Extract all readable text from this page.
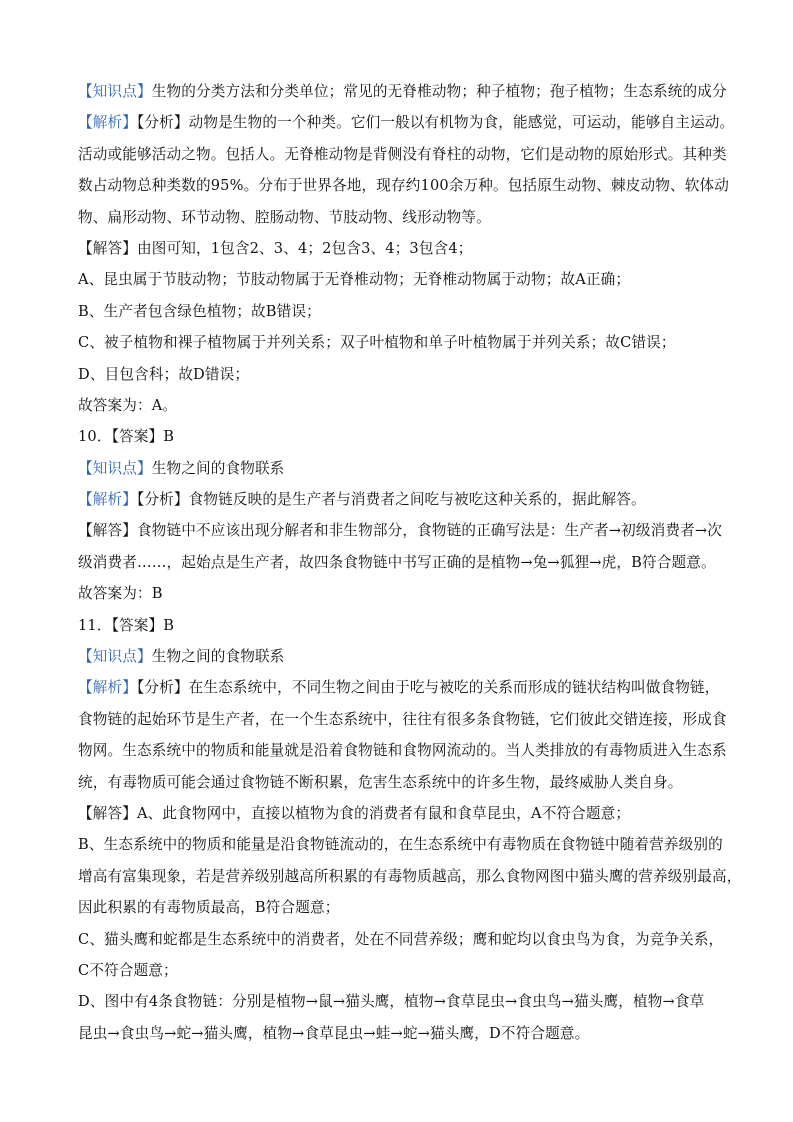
【知识点】生物的分类方法和分类单位；常见的无脊椎动物；种子植物；孢子植物；生态系统的成分
【解析】【分析】动物是生物的一个种类。它们一般以有机物为食，能感觉，可运动，能够自主运动。
活动或能够活动之物。包括人。无脊椎动物是背侧没有脊柱的动物，它们是动物的原始形式。其种类
数占动物总种类数的95%。分布于世界各地，现存约100余万种。包括原生动物、棘皮动物、软体动
物、扁形动物、环节动物、腔肠动物、节肢动物、线形动物等。
【解答】由图可知，1包含2、3、4；2包含3、4；3包含4；
A、昆虫属于节肢动物；节肢动物属于无脊椎动物；无脊椎动物属于动物；故A正确；
B、生产者包含绿色植物；故B错误；
C、被子植物和裸子植物属于并列关系；双子叶植物和单子叶植物属于并列关系；故C错误；
D、目包含科；故D错误；
故答案为：A。
10．【答案】B
【知识点】生物之间的食物联系
【解析】【分析】食物链反映的是生产者与消费者之间吃与被吃这种关系的，据此解答。
【解答】食物链中不应该出现分解者和非生物部分，食物链的正确写法是：生产者→初级消费者→次
级消费者……，起始点是生产者，故四条食物链中书写正确的是植物→兔→狐狸→虎，B符合题意。
故答案为：B
11．【答案】B
【知识点】生物之间的食物联系
【解析】【分析】在生态系统中，不同生物之间由于吃与被吃的关系而形成的链状结构叫做食物链，
食物链的起始环节是生产者，在一个生态系统中，往往有很多条食物链，它们彼此交错连接，形成食
物网。生态系统中的物质和能量就是沿着食物链和食物网流动的。当人类排放的有毒物质进入生态系
统，有毒物质可能会通过食物链不断积累，危害生态系统中的许多生物，最终威胁人类自身。
【解答】A、此食物网中，直接以植物为食的消费者有鼠和食草昆虫，A不符合题意；
B、生态系统中的物质和能量是沿食物链流动的，在生态系统中有毒物质在食物链中随着营养级别的
增高有富集现象，若是营养级别越高所积累的有毒物质越高，那么食物网图中猫头鹰的营养级别最高，
因此积累的有毒物质最高，B符合题意；
C、猫头鹰和蛇都是生态系统中的消费者，处在不同营养级；鹰和蛇均以食虫鸟为食，为竞争关系，
C不符合题意；
D、图中有4条食物链：分别是植物→鼠→猫头鹰，植物→食草昆虫→食虫鸟→猫头鹰，植物→食草
昆虫→食虫鸟→蛇→猫头鹰，植物→食草昆虫→蛙→蛇→猫头鹰，D不符合题意。
